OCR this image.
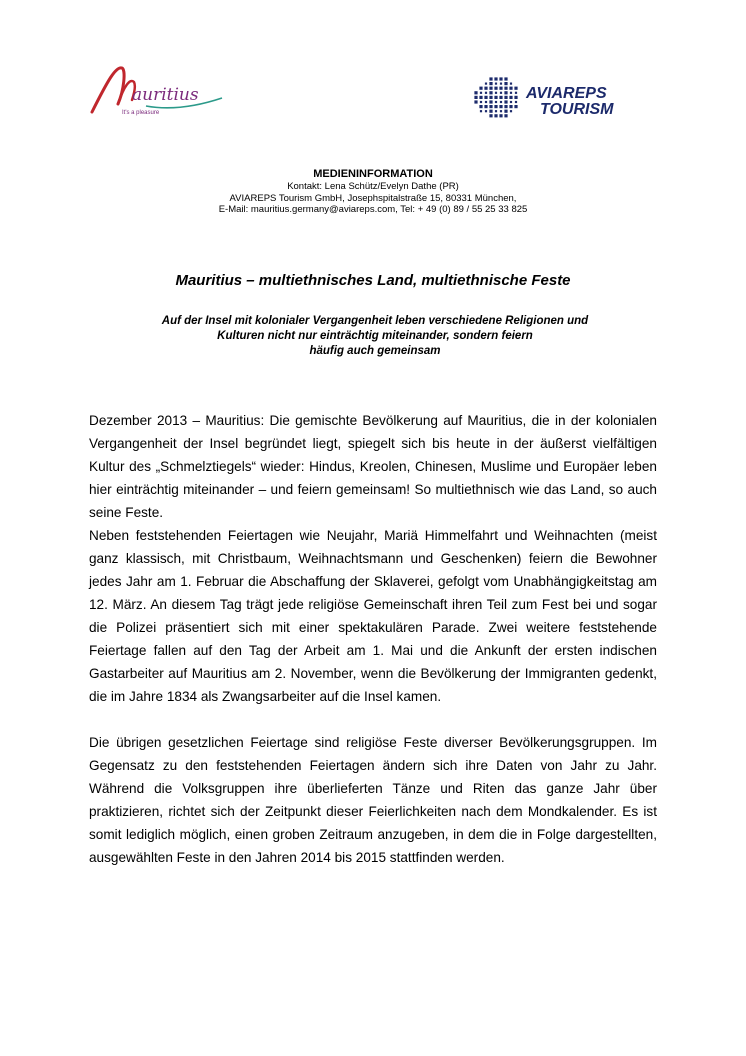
auritius
It's a pleasure
AVIAREPS
TOURISM
MEDIENINFORMATION
Kontakt: Lena Schütz/Evelyn Dathe (PR)
AVIAREPS Tourism GmbH, Josephspitalstraße 15, 80331 München,
E-Mail: mauritius.germany@aviareps.com, Tel: + 49 (0) 89 / 55 25 33 825
Mauritius – multiethnisches Land, multiethnische Feste
Auf der Insel mit kolonialer Vergangenheit leben verschiedene Religionen und
Kulturen nicht nur einträchtig miteinander, sondern feiern
häufig auch gemeinsam

Dezember 2013 – Mauritius: Die gemischte Bevölkerung auf Mauritius, die in der kolonialen Vergangenheit der Insel begründet liegt, spiegelt sich bis heute in der äußerst vielfältigen Kultur des „Schmelztiegels“ wieder: Hindus, Kreolen, Chinesen, Muslime und Europäer leben hier einträchtig miteinander – und feiern gemeinsam! So multiethnisch wie das Land, so auch seine Feste.

Neben feststehenden Feiertagen wie Neujahr, Mariä Himmelfahrt und Weihnachten (meist ganz klassisch, mit Christbaum, Weihnachtsmann und Geschenken) feiern die Bewohner jedes Jahr am 1. Februar die Abschaffung der Sklaverei, gefolgt vom Unabhängigkeitstag am 12. März. An diesem Tag trägt jede religiöse Gemeinschaft ihren Teil zum Fest bei und sogar die Polizei präsentiert sich mit einer spektakulären Parade. Zwei weitere feststehende Feiertage fallen auf den Tag der Arbeit am 1. Mai und die Ankunft der ersten indischen Gastarbeiter auf Mauritius am 2. November, wenn die Bevölkerung der Immigranten gedenkt, die im Jahre 1834 als Zwangsarbeiter auf die Insel kamen.

Die übrigen gesetzlichen Feiertage sind religiöse Feste diverser Bevölkerungsgruppen. Im Gegensatz zu den feststehenden Feiertagen ändern sich ihre Daten von Jahr zu Jahr. Während die Volksgruppen ihre überlieferten Tänze und Riten das ganze Jahr über praktizieren, richtet sich der Zeitpunkt dieser Feierlichkeiten nach dem Mondkalender. Es ist somit lediglich möglich, einen groben Zeitraum anzugeben, in dem die in Folge dargestellten, ausgewählten Feste in den Jahren 2014 bis 2015 stattfinden werden.
